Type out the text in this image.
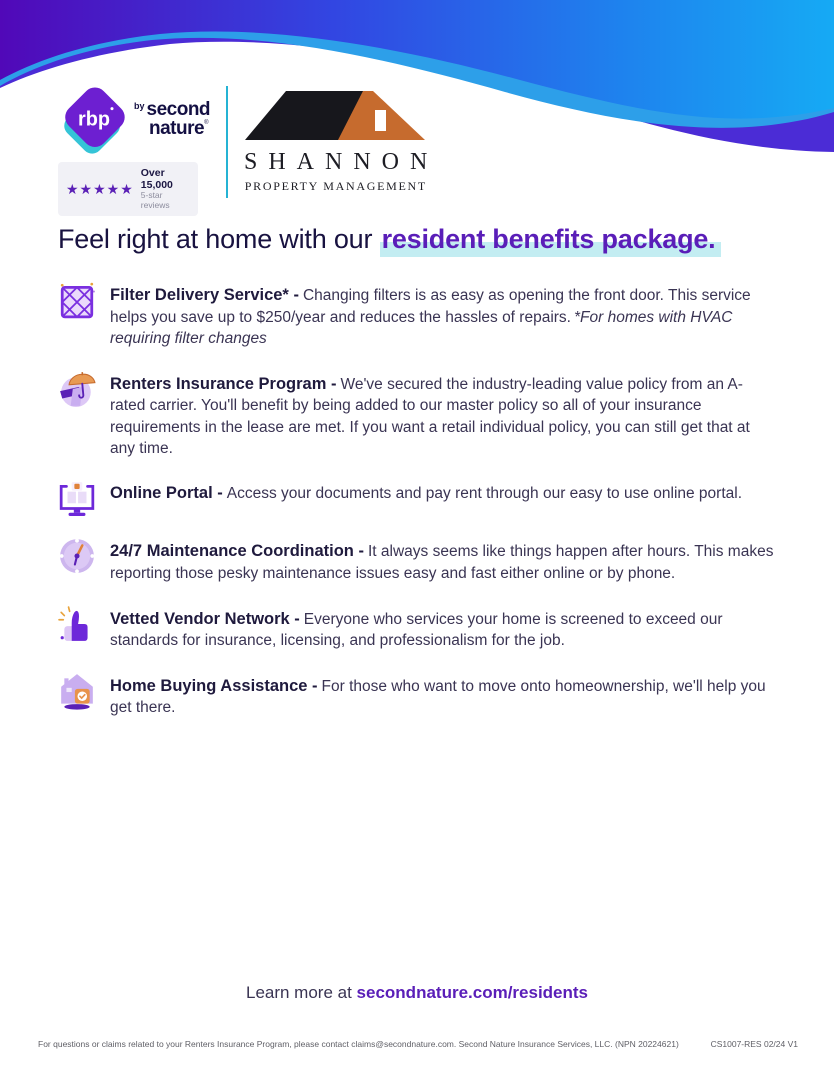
rbp
by second
nature ®
★★★★★
Over 15,000
5-star reviews
SHANNON
PROPERTY MANAGEMENT
Feel right at home with our resident benefits package.

Filter Delivery Service* - Changing filters is as easy as opening the front door. This service helps you save up to $250/year and reduces the hassles of repairs. *For homes with HVAC requiring filter changes

Renters Insurance Program - We've secured the industry-leading value policy from an A-rated carrier. You'll benefit by being added to our master policy so all of your insurance requirements in the lease are met. If you want a retail individual policy, you can still get that at any time.

Online Portal - Access your documents and pay rent through our easy to use online portal.

24/7 Maintenance Coordination - It always seems like things happen after hours. This makes reporting those pesky maintenance issues easy and fast either online or by phone.

Vetted Vendor Network - Everyone who services your home is screened to exceed our standards for insurance, licensing, and professionalism for the job.

Home Buying Assistance - For those who want to move onto homeownership, we'll help you get there.

Learn more at secondnature.com/residents
For questions or claims related to your Renters Insurance Program, please contact claims@secondnature.com. Second Nature Insurance Services, LLC. (NPN 20224621)	CS1007-RES 02/24 V1
